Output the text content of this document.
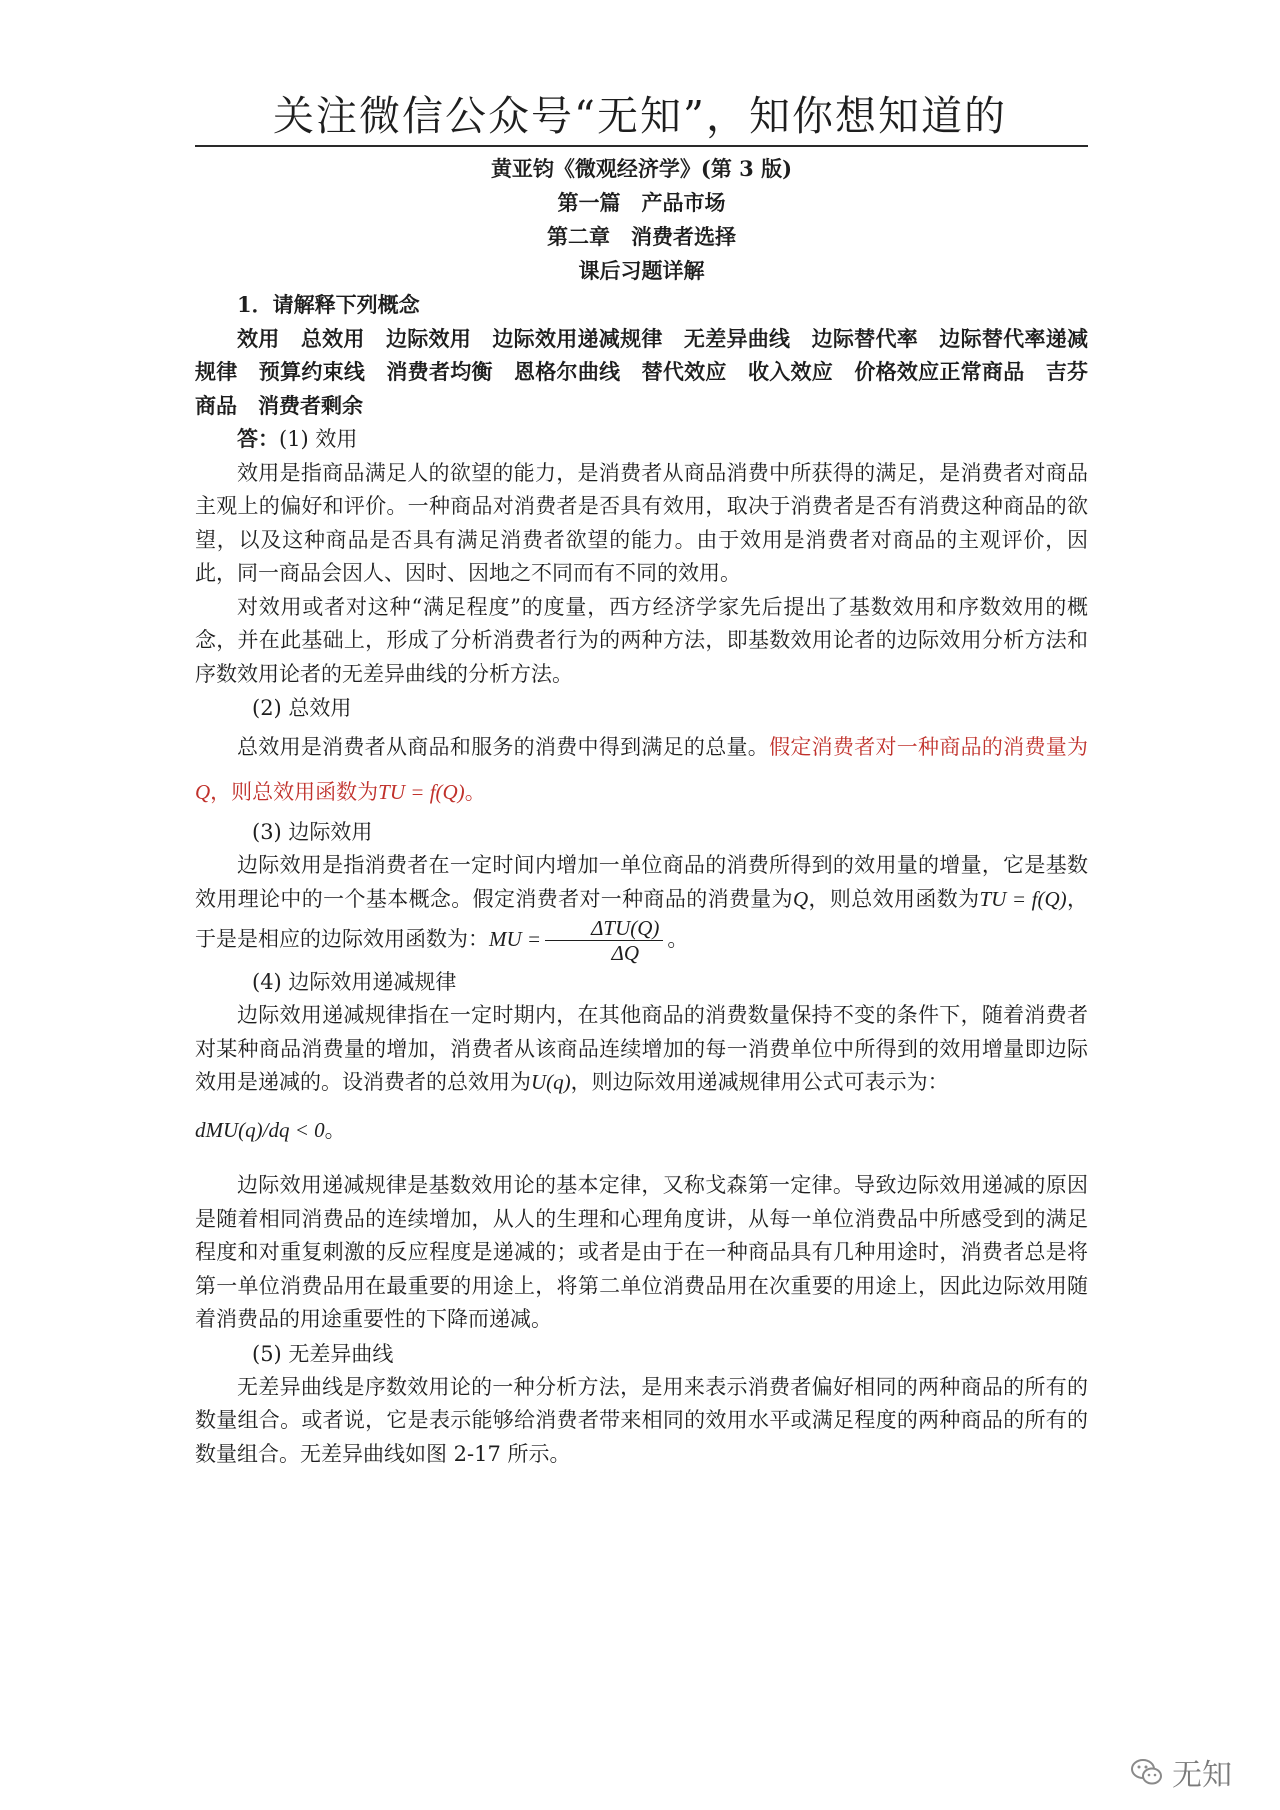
关注微信公众号“无知”，知你想知道的
黄亚钧《微观经济学》(第 3 版)
第一篇　产品市场
第二章　消费者选择
课后习题详解
1．请解释下列概念
效用　总效用　边际效用　边际效用递减规律　无差异曲线　边际替代率　边际替代率递减规律　预算约束线　消费者均衡　恩格尔曲线　替代效应　收入效应　价格效应正常商品　吉芬商品　消费者剩余
答：(1) 效用
效用是指商品满足人的欲望的能力，是消费者从商品消费中所获得的满足，是消费者对商品主观上的偏好和评价。一种商品对消费者是否具有效用，取决于消费者是否有消费这种商品的欲望，以及这种商品是否具有满足消费者欲望的能力。由于效用是消费者对商品的主观评价，因此，同一商品会因人、因时、因地之不同而有不同的效用。
对效用或者对这种“满足程度”的度量，西方经济学家先后提出了基数效用和序数效用的概念，并在此基础上，形成了分析消费者行为的两种方法，即基数效用论者的边际效用分析方法和序数效用论者的无差异曲线的分析方法。
(2) 总效用
总效用是消费者从商品和服务的消费中得到满足的总量。假定消费者对一种商品的消费量为Q，则总效用函数为TU = f(Q)。
(3) 边际效用
边际效用是指消费者在一定时间内增加一单位商品的消费所得到的效用量的增量，它是基数效用理论中的一个基本概念。假定消费者对一种商品的消费量为Q，则总效用函数为TU = f(Q)，于是是相应的边际效用函数为：MU = $\frac{\text{ΔTU(Q)}}{\Delta Q}$ 。
(4) 边际效用递减规律
边际效用递减规律指在一定时期内，在其他商品的消费数量保持不变的条件下，随着消费者对某种商品消费量的增加，消费者从该商品连续增加的每一消费单位中所得到的效用增量即边际效用是递减的。设消费者的总效用为U(q)，则边际效用递减规律用公式可表示为：
dMU(q)/dq < 0。
边际效用递减规律是基数效用论的基本定律，又称戈森第一定律。导致边际效用递减的原因是随着相同消费品的连续增加，从人的生理和心理角度讲，从每一单位消费品中所感受到的满足程度和对重复刺激的反应程度是递减的；或者是由于在一种商品具有几种用途时，消费者总是将第一单位消费品用在最重要的用途上，将第二单位消费品用在次重要的用途上，因此边际效用随着消费品的用途重要性的下降而递减。
(5) 无差异曲线
无差异曲线是序数效用论的一种分析方法，是用来表示消费者偏好相同的两种商品的所有的数量组合。或者说，它是表示能够给消费者带来相同的效用水平或满足程度的两种商品的所有的数量组合。无差异曲线如图 2-17 所示。
无知
